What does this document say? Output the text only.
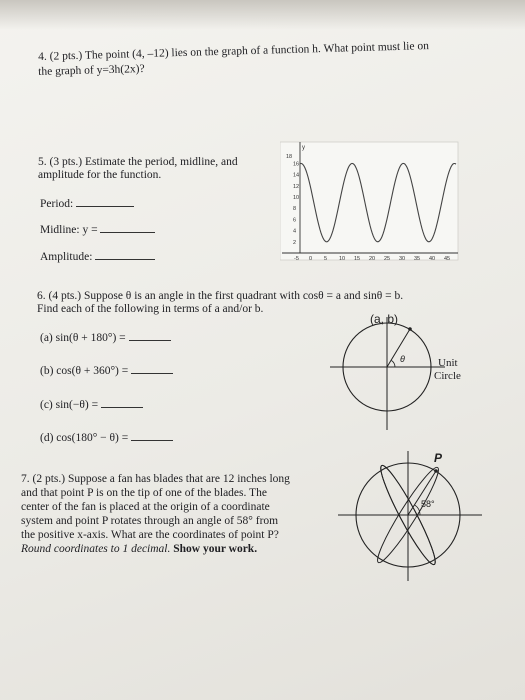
4. (2 pts.) The point (4, –12) lies on the graph of a function h. What point must lie on
the graph of y=3h(2x)?
5. (3 pts.) Estimate the period, midline, and
amplitude for the function.
Period:
Midline: y =
Amplitude:
y
18
16
14
12
10
8
6
4
2
-5 0 5 10 15 20 25 30 35 40 45
6. (4 pts.) Suppose θ is an angle in the first quadrant with cosθ = a and sinθ = b.
Find each of the following in terms of a and/or b.
(a) sin(θ + 180°) =
(b) cos(θ + 360°) =
(c) sin(−θ) =
(d) cos(180° − θ) =
(a, b)
θ	Unit
Circle
7. (2 pts.) Suppose a fan has blades that are 12 inches long
and that point P is on the tip of one of the blades. The
center of the fan is placed at the origin of a coordinate
system and point P rotates through an angle of 58° from
the positive x-axis. What are the coordinates of point P?
Round coordinates to 1 decimal. Show your work.
P
58°
